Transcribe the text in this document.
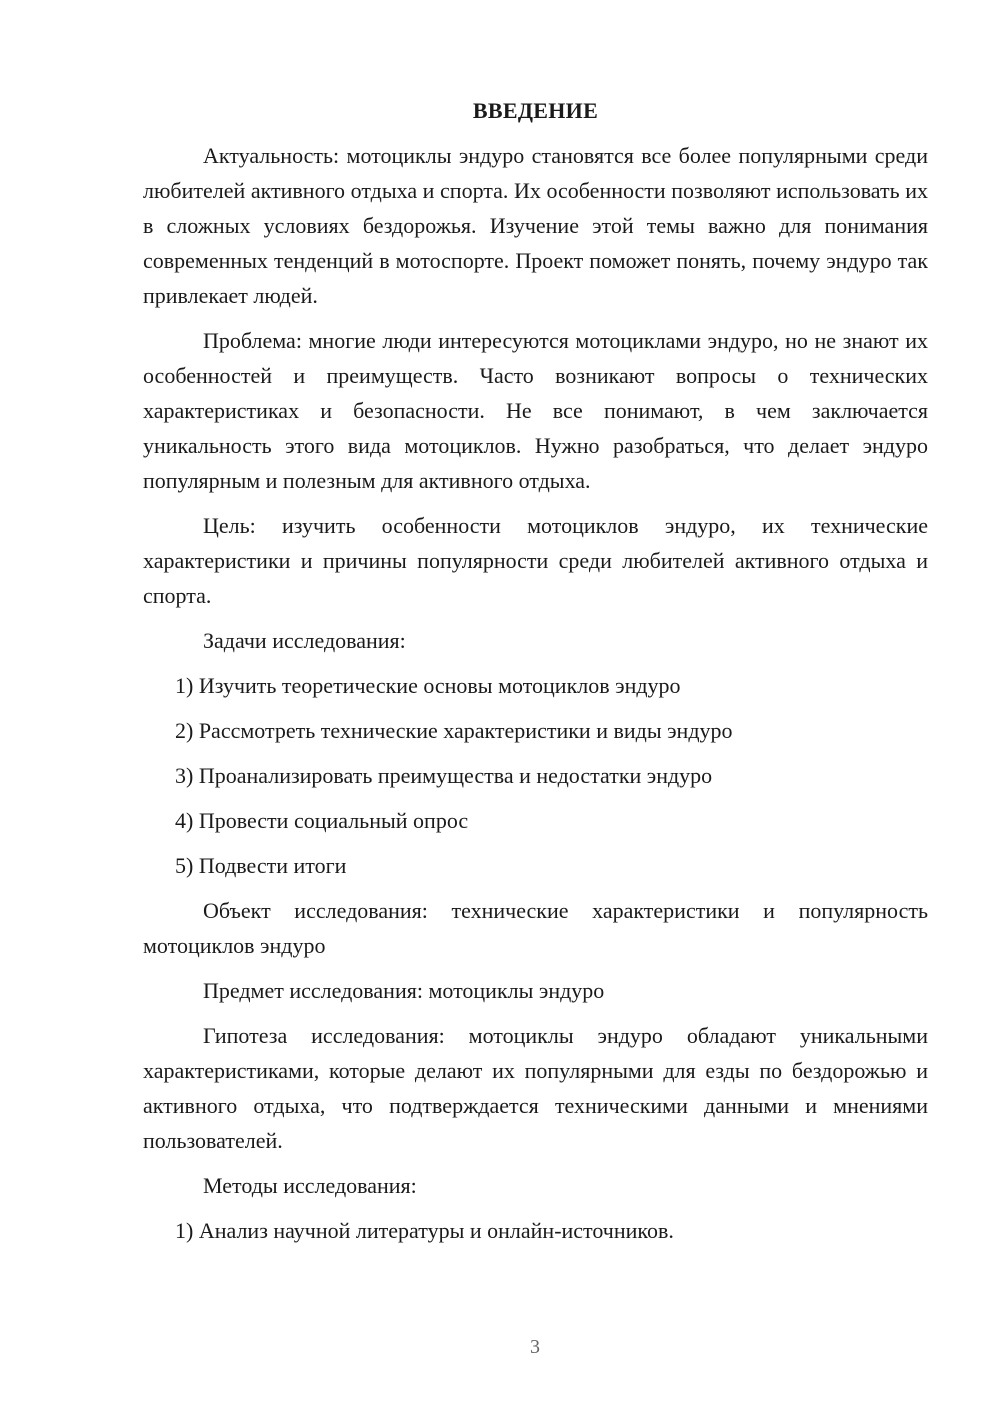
ВВЕДЕНИЕ

Актуальность: мотоциклы эндуро становятся все более популярными среди любителей активного отдыха и спорта. Их особенности позволяют использовать их в сложных условиях бездорожья. Изучение этой темы важно для понимания современных тенденций в мотоспорте. Проект поможет понять, почему эндуро так привлекает людей.

Проблема: многие люди интересуются мотоциклами эндуро, но не знают их особенностей и преимуществ. Часто возникают вопросы о технических характеристиках и безопасности. Не все понимают, в чем заключается уникальность этого вида мотоциклов. Нужно разобраться, что делает эндуро популярным и полезным для активного отдыха.

Цель: изучить особенности мотоциклов эндуро, их технические характеристики и причины популярности среди любителей активного отдыха и спорта.

Задачи исследования:

1) Изучить теоретические основы мотоциклов эндуро

2) Рассмотреть технические характеристики и виды эндуро

3) Проанализировать преимущества и недостатки эндуро

4) Провести социальный опрос

5) Подвести итоги

Объект исследования: технические характеристики и популярность мотоциклов эндуро

Предмет исследования: мотоциклы эндуро

Гипотеза исследования: мотоциклы эндуро обладают уникальными характеристиками, которые делают их популярными для езды по бездорожью и активного отдыха, что подтверждается техническими данными и мнениями пользователей.

Методы исследования:

1) Анализ научной литературы и онлайн-источников.

3
